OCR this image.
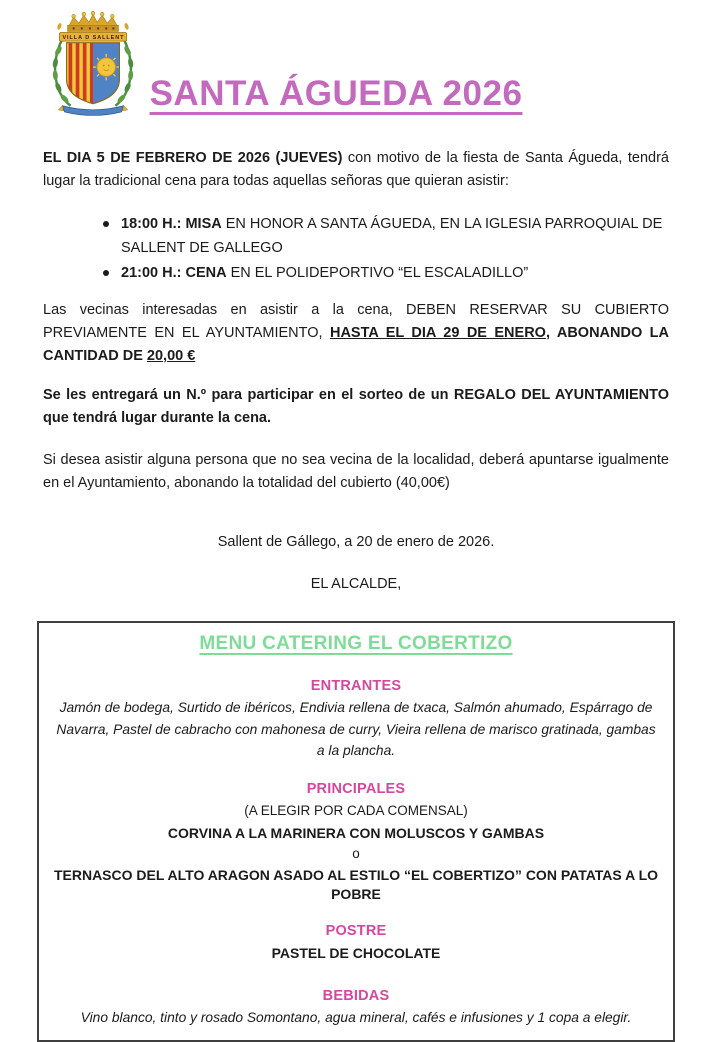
VILLA D SALLENT
SANTA ÁGUEDA 2026

EL DIA 5 DE FEBRERO DE 2026 (JUEVES) con motivo de la fiesta de Santa Águeda, tendrá lugar la tradicional cena para todas aquellas señoras que quieran asistir:

18:00 H.: MISA EN HONOR A SANTA ÁGUEDA, EN LA IGLESIA PARROQUIAL DE SALLENT DE GALLEGO
21:00 H.: CENA EN EL POLIDEPORTIVO “EL ESCALADILLO”

Las vecinas interesadas en asistir a la cena, DEBEN RESERVAR SU CUBIERTO PREVIAMENTE EN EL AYUNTAMIENTO, HASTA EL DIA 29 DE ENERO, ABONANDO LA CANTIDAD DE 20,00 €

Se les entregará un N.º para participar en el sorteo de un REGALO DEL AYUNTAMIENTO que tendrá lugar durante la cena.

Si desea asistir alguna persona que no sea vecina de la localidad, deberá apuntarse igualmente en el Ayuntamiento, abonando la totalidad del cubierto (40,00€)

Sallent de Gállego, a 20 de enero de 2026.
EL ALCALDE,
MENU CATERING EL COBERTIZO
ENTRANTES
Jamón de bodega, Surtido de ibéricos, Endivia rellena de txaca, Salmón ahumado, Espárrago de Navarra, Pastel de cabracho con mahonesa de curry, Vieira rellena de marisco gratinada, gambas a la plancha.
PRINCIPALES
(A ELEGIR POR CADA COMENSAL)
CORVINA A LA MARINERA CON MOLUSCOS Y GAMBAS
o
TERNASCO DEL ALTO ARAGON ASADO AL ESTILO “EL COBERTIZO” CON PATATAS A LO POBRE
POSTRE
PASTEL DE CHOCOLATE
BEBIDAS
Vino blanco, tinto y rosado Somontano, agua mineral, cafés e infusiones y 1 copa a elegir.
